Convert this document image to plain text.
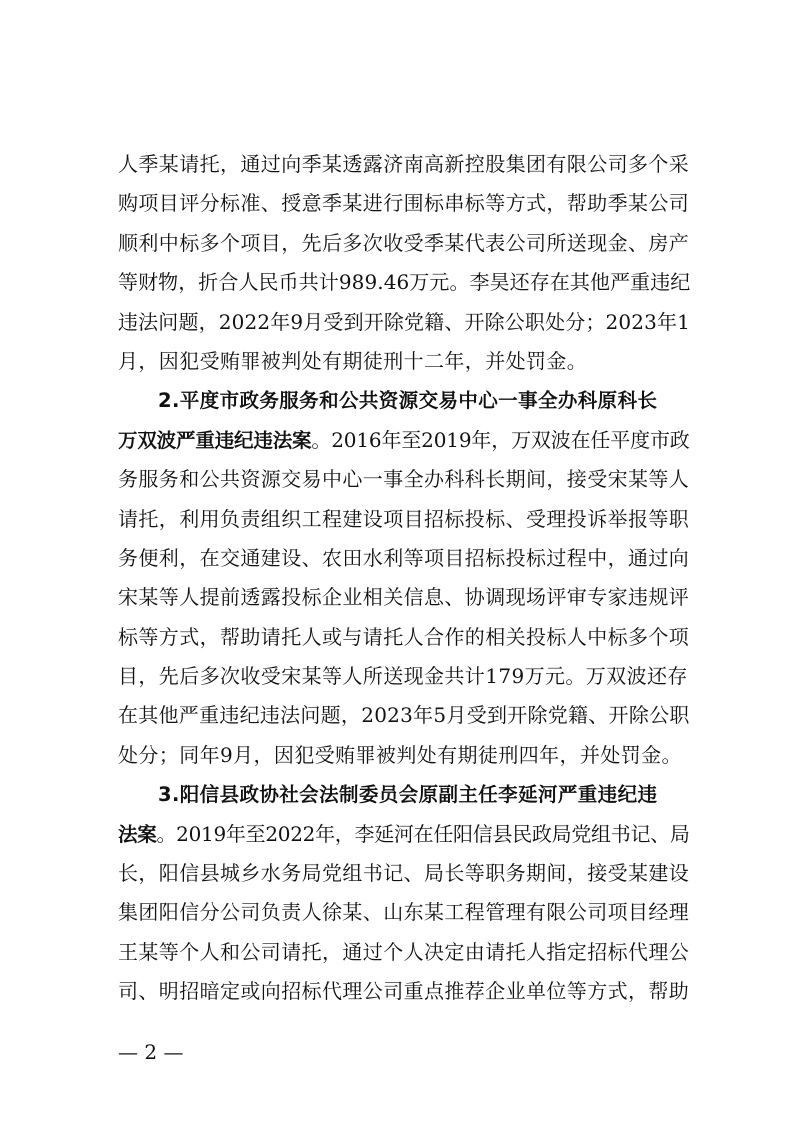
人季某请托，通过向季某透露济南高新控股集团有限公司多个采
购项目评分标准、授意季某进行围标串标等方式，帮助季某公司
顺利中标多个项目，先后多次收受季某代表公司所送现金、房产
等财物，折合人民币共计989.46万元。李昊还存在其他严重违纪
违法问题，2022年9月受到开除党籍、开除公职处分；2023年1
月，因犯受贿罪被判处有期徒刑十二年，并处罚金。
2.平度市政务服务和公共资源交易中心一事全办科原科长
万双波严重违纪违法案。2016年至2019年，万双波在任平度市政
务服务和公共资源交易中心一事全办科科长期间，接受宋某等人
请托，利用负责组织工程建设项目招标投标、受理投诉举报等职
务便利，在交通建设、农田水利等项目招标投标过程中，通过向
宋某等人提前透露投标企业相关信息、协调现场评审专家违规评
标等方式，帮助请托人或与请托人合作的相关投标人中标多个项
目，先后多次收受宋某等人所送现金共计179万元。万双波还存
在其他严重违纪违法问题，2023年5月受到开除党籍、开除公职
处分；同年9月，因犯受贿罪被判处有期徒刑四年，并处罚金。
3.阳信县政协社会法制委员会原副主任李延河严重违纪违
法案。2019年至2022年，李延河在任阳信县民政局党组书记、局
长，阳信县城乡水务局党组书记、局长等职务期间，接受某建设
集团阳信分公司负责人徐某、山东某工程管理有限公司项目经理
王某等个人和公司请托，通过个人决定由请托人指定招标代理公
司、明招暗定或向招标代理公司重点推荐企业单位等方式，帮助
— 2 —
